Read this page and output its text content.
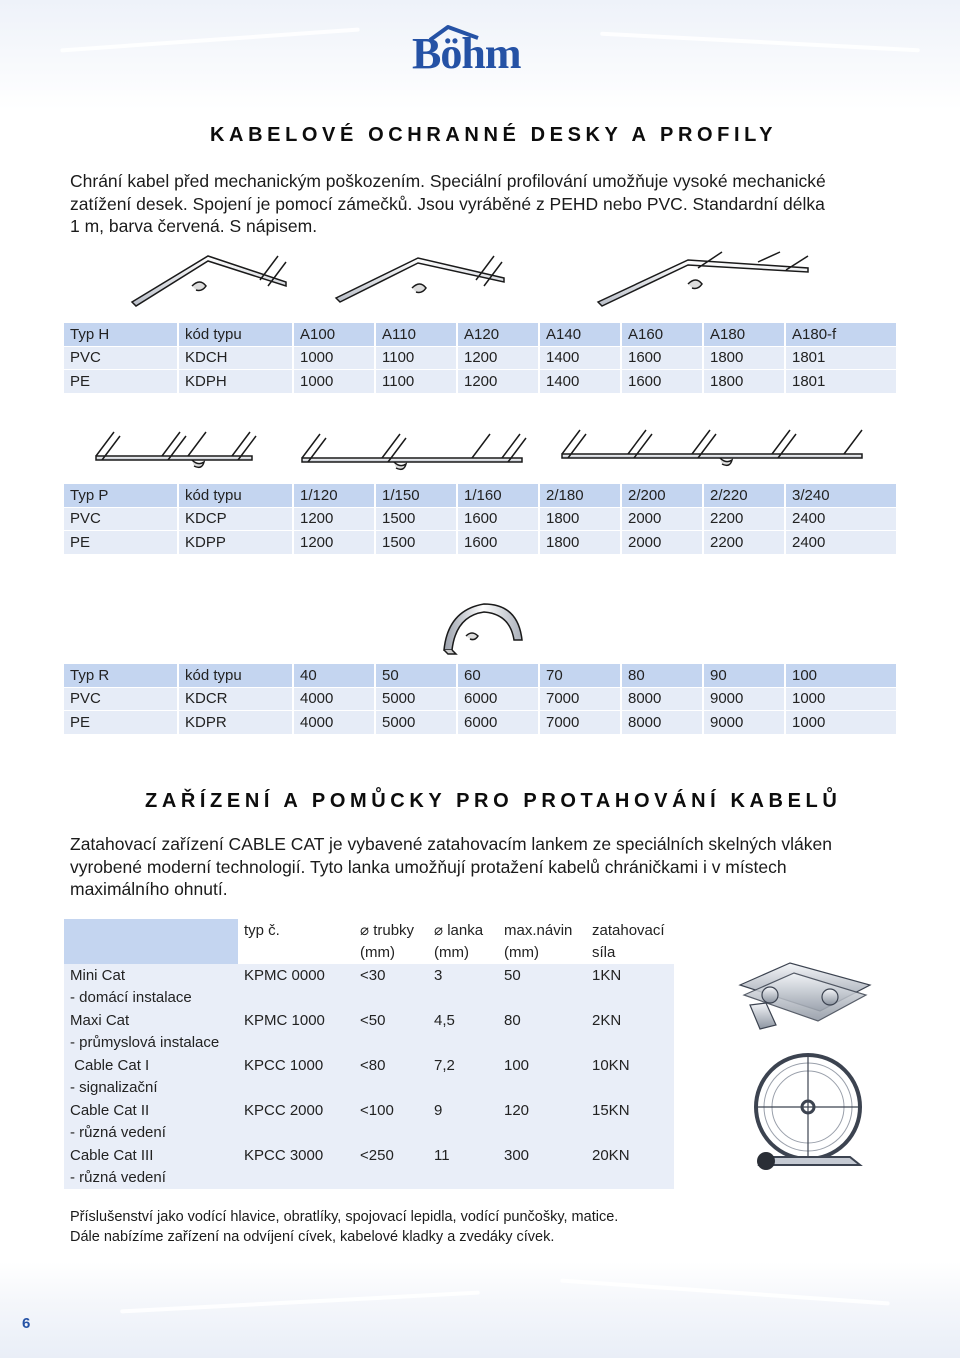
Böhm
KABELOVÉ OCHRANNÉ DESKY A PROFILY

Chrání kabel před mechanickým poškozením. Speciální profilování umožňuje vysoké mechanické
zatížení desek. Spojení je pomocí zámečků. Jsou vyráběné z PEHD nebo PVC. Standardní délka
1 m, barva červená. S nápisem.

Typ H	kód typu	A100	A110	A120	A140	A160	A180	A180-f
PVC	KDCH	1000	1100	1200	1400	1600	1800	1801
PE	KDPH	1000	1100	1200	1400	1600	1800	1801
Typ P	kód typu	1/120	1/150	1/160	2/180	2/200	2/220	3/240
PVC	KDCP	1200	1500	1600	1800	2000	2200	2400
PE	KDPP	1200	1500	1600	1800	2000	2200	2400
Typ R	kód typu	40	50	60	70	80	90	100
PVC	KDCR	4000	5000	6000	7000	8000	9000	1000
PE	KDPR	4000	5000	6000	7000	8000	9000	1000
ZAŘÍZENÍ A POMŮCKY PRO PROTAHOVÁNÍ KABELŮ

Zatahovací zařízení CABLE CAT je vybavené zatahovacím lankem ze speciálních skelných vláken
vyrobené moderní technologií. Tyto lanka umožňují protažení kabelů chráničkami i v místech
maximálního ohnutí.

	typ č.	⌀ trubky	⌀ lanka	max.návin	zatahovací
		(mm)	(mm)	(mm)	síla
Mini Cat	KPMC 0000	<30	3	50	1KN
- domácí instalace					
Maxi Cat	KPMC 1000	<50	4,5	80	2KN
- průmyslová instalace					
Cable Cat I	KPCC 1000	<80	7,2	100	10KN
- signalizační					
Cable Cat II	KPCC 2000	<100	9	120	15KN
- různá vedení					
Cable Cat III	KPCC 3000	<250	11	300	20KN
- různá vedení					

Příslušenství jako vodící hlavice, obratlíky, spojovací lepidla, vodící punčošky, matice.
Dále nabízíme zařízení na odvíjení cívek, kabelové kladky a zvedáky cívek.

6
